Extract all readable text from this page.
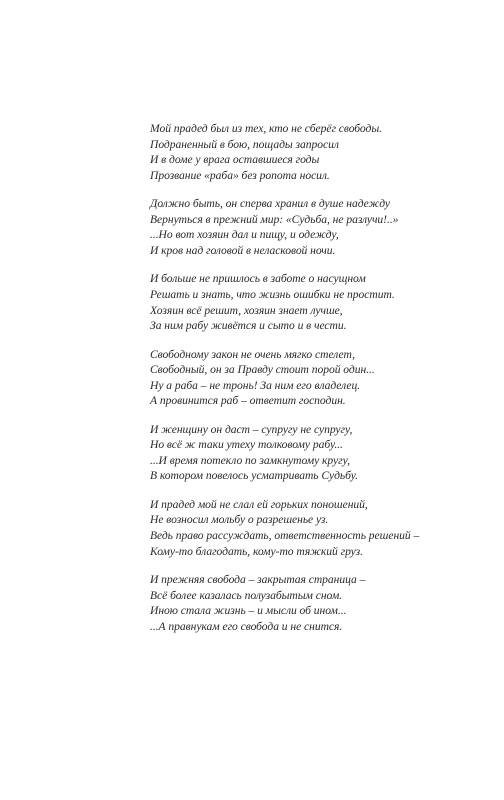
Мой прадед был из тех, кто не сберёг свободы.
Подраненный в бою, пощады запросил
И в доме у врага оставшиеся годы
Прозвание «раба» без ропота носил.
Должно быть, он сперва хранил в душе надежду
Вернуться в прежний мир: «Судьба, не разлучи!..»
...Но вот хозяин дал и пищу, и одежду,
И кров над головой в неласковой ночи.
И больше не пришлось в заботе о насущном
Решать и знать, что жизнь ошибки не простит.
Хозяин всё решит, хозяин знает лучше,
За ним рабу живётся и сыто и в чести.
Свободному закон не очень мягко стелет,
Свободный, он за Правду стоит порой один...
Ну а раба – не тронь! За ним его владелец.
А провинится раб – ответит господин.
И женщину он даст – супругу не супругу,
Но всё ж таки утеху толковому рабу...
...И время потекло по замкнутому кругу,
В котором повелось усматривать Судьбу.
И прадед мой не слал ей горьких поношений,
Не возносил мольбу о разрешенье уз.
Ведь право рассуждать, ответственность решений –
Кому-то благодать, кому-то тяжкий груз.
И прежняя свобода – закрытая страница –
Всё более казалась полузабытым сном.
Иною стала жизнь – и мысли об ином...
...А правнукам его свобода и не снится.
